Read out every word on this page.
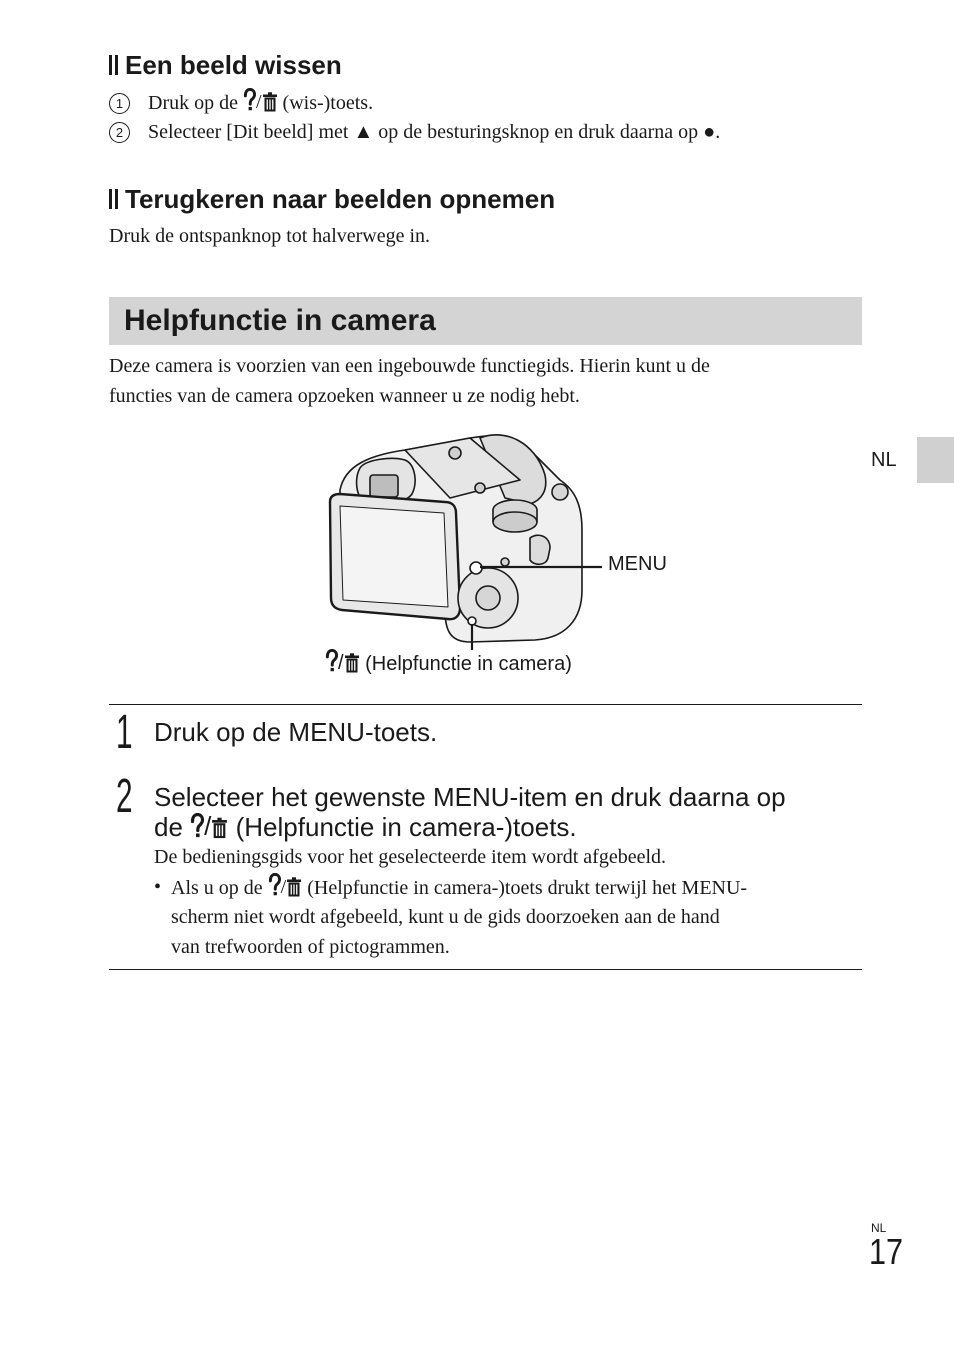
Een beeld wissen
1 Druk op de / (wis-)toets.
2 Selecteer [Dit beeld] met ▲ op de besturingsknop en druk daarna op ●.
Terugkeren naar beelden opnemen
Druk de ontspanknop tot halverwege in.
Helpfunctie in camera
Deze camera is voorzien van een ingebouwde functiegids. Hierin kunt u de
functies van de camera opzoeken wanneer u ze nodig hebt.
MENU
/ (Helpfunctie in camera)
1 Druk op de MENU-toets.
2 Selecteer het gewenste MENU-item en druk daarna op
de / (Helpfunctie in camera-)toets.
De bedieningsgids voor het geselecteerde item wordt afgebeeld.
• Als u op de / (Helpfunctie in camera-)toets drukt terwijl het MENU-
scherm niet wordt afgebeeld, kunt u de gids doorzoeken aan de hand
van trefwoorden of pictogrammen.
NL
NL
17
